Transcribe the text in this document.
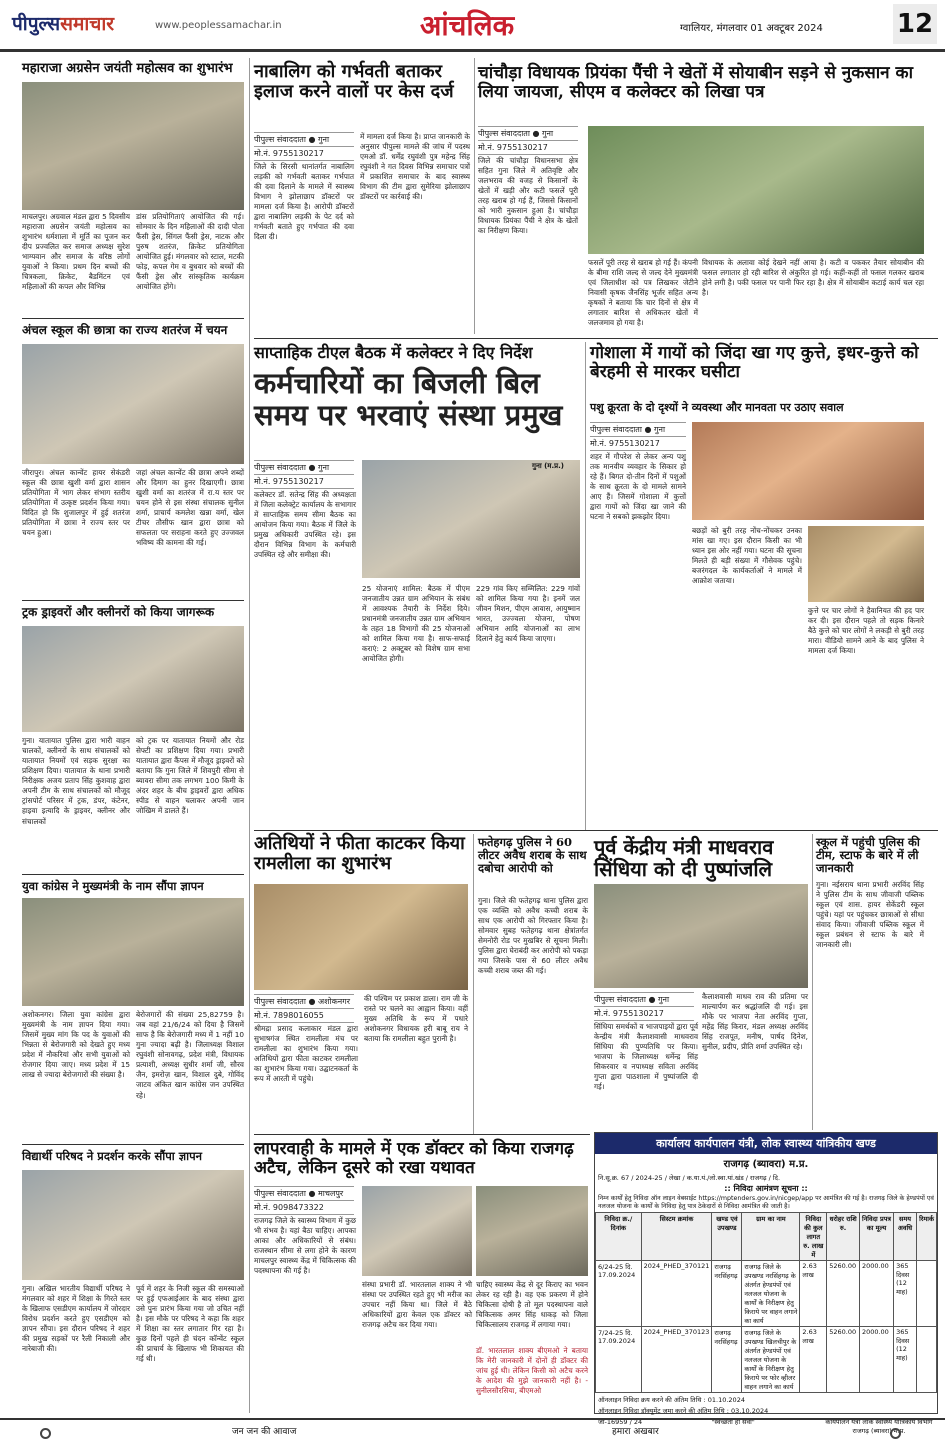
पीपुल्ससमाचार	www.peoplessamachar.in	आंचलिक	ग्वालियर, मंगलवार 01 अक्टूबर 2024	12
महाराजा अग्रसेन जयंती महोत्सव का शुभारंभ
माचलपुर। अग्रवाल मंडल द्वारा 5 दिवसीय महाराजा अग्रसेन जयंती महोत्सव का शुभारंभ धर्मशाला में मूर्ति का पूजन कर दीप प्रज्वलित कर समाज अध्यक्ष सुरेश भाग्यवान और समाज के वरिष्ठ लोगों युवाओं ने किया। प्रथम दिन बच्चों की चित्रकला, क्रिकेट, बैडमिंटन एवं महिलाओं की कपल और विभिन्न
डांस प्रतियोगिताएं आयोजित की गई। सोमवार के दिन महिलाओं की दादी पोता फैंसी ड्रेस, सिंगल फैंसी ड्रेस, नाटक और पुरुष शतरंज, क्रिकेट प्रतियोगिता आयोजित हुई। मंगलवार को स्टाल, मटकी फोड़, कपल गेम व बुधवार को बच्चों की फैंसी ड्रेस और सांस्कृतिक कार्यक्रम आयोजित होंगे।
अंचल स्कूल की छात्रा का राज्य शतरंज में चयन
जीरापुर। अंचल कान्वेंट हायर सेकंडरी स्कूल की छात्रा खुशी वर्मा द्वारा शासन प्रतियोगिता में भाग लेकर संभाग स्तरीय प्रतियोगिता में उत्कृष्ट प्रदर्शन किया गया। विदित हो कि शुजालपुर में हुई शतरंज प्रतियोगिता में छात्रा ने राज्य स्तर पर चयन हुआ।
जहां अंचल कान्वेंट की छात्रा अपने शब्दों और दिमाग का हुनर दिखाएगी। छात्रा खुशी वर्मा का शतरंज में रा.य स्तर पर चयन होने से इस संस्था संचालक सुनील शर्मा, प्राचार्य कमलेश खन्ना वर्मा, खेल टीचर तौसीफ खान द्वारा छात्रा को सफलता पर सराहना करते हुए उज्जवल भविष्य की कामना की गई।
ट्रक ड्राइवरों और क्लीनरों को किया जागरूक
गुना। यातायात पुलिस द्वारा भारी वाहन चालकों, क्लीनरों के साथ संचालकों को यातायात नियमों एवं सड़क सुरक्षा का प्रशिक्षण दिया। यातायात के थाना प्रभारी निरीक्षक अजय प्रताप सिंह कुशवाह द्वारा अपनी टीम के साथ संचालकों को मौजूद ट्रांसपोर्ट परिसर में ट्रक, डंपर, कंटेनर, हाइवा इत्यादि के ड्राइवर, क्लीनर और संचालकों
को ट्रक पर यातायात नियमों और रोड सेफ्टी का प्रशिक्षण दिया गया। प्रभारी यातायात द्वारा कैंपस में मौजूद ड्राइवरों को बताया कि गुना जिले में शिवपुरी सीमा से ब्यावरा सीमा तक लगभग 100 किमी के अंदर शहर के बीच ड्राइवरों द्वारा अधिक स्पीड से वाहन चलाकर अपनी जान जोखिम में डालते हैं।
युवा कांग्रेस ने मुख्यमंत्री के नाम सौंपा ज्ञापन
अशोकनगर। जिला युवा कांग्रेस द्वारा मुख्यमंत्री के नाम ज्ञापन दिया गया। जिसमें मुख्य मांग कि पद के युवाओं की भिन्नता से बेरोजगारी को देखते हुए मध्य प्रदेश में नौकरियां और सभी युवाओं को रोजगार दिया जाए। मध्य प्रदेश में 15 लाख से ज्यादा बेरोजगारों की संख्या है।
बेरोजगारों की संख्या 25,82759 है। जब वहां 21/6/24 को दिया है जिसमें साफ है कि बेरोजगारी मध्य में 1 नहीं 10 गुना ज्यादा बढ़ी है। जिलाध्यक्ष विशाल रघुवंशी सोनावगढ़, प्रदेश मंत्री, विधायक प्रत्याशी, अध्यक्ष सुधीर शर्मा जी, सौरव जैन, इमरोज़ खान, विशाल दुबे, गोविंद जाटव अंकित खान कांग्रेस जन उपस्थित रहे।
विद्यार्थी परिषद ने प्रदर्शन करके सौंपा ज्ञापन
गुना। अखिल भारतीय विद्यार्थी परिषद ने मंगलवार को शहर में शिक्षा के गिरते स्तर के खिलाफ एसडीएम कार्यालय में जोरदार विरोध प्रदर्शन करते हुए एसडीएम को ज्ञापन सौंपा। इस दौरान परिषद ने शहर की प्रमुख सड़कों पर रैली निकाली और नारेबाजी की।
पूर्व में शहर के निजी स्कूल की समस्याओं पर हुई एफआईआर के बाद संस्था द्वारा उसे पुनः प्रारंभ किया गया जो उचित नहीं है। इस मौके पर परिषद ने कहा कि शहर में शिक्षा का स्तर लगातार गिर रहा है। कुछ दिनों पहले ही चंदन कॉन्वेंट स्कूल की प्राचार्य के खिलाफ भी शिकायत की गई थी।
नाबालिग को गर्भवती बताकर इलाज करने वालों पर केस दर्ज
पीपुल्स संवाददाता ● गुना
मो.नं. 9755130217
जिले के सिरसी थानांतर्गत नाबालिग लड़की को गर्भवती बताकर गर्भपात की दवा दिलाने के मामले में स्वास्थ्य विभाग ने झोलाछाप डॉक्टरों पर मामला दर्ज किया है। आरोपी डॉक्टरों द्वारा नाबालिग लड़की के पेट दर्द को गर्भवती बताते हुए गर्भपात की दवा दिला दी।
में मामला दर्ज किया है। प्राप्त जानकारी के अनुसार पीपुल्स मामले की जांच में पदस्थ एमओ डॉ. धर्मेंद्र रघुवंशी पुत्र महेन्द्र सिंह रघुवंशी ने गत दिवस विभिन्न समाचार पत्रों में प्रकाशित समाचार के बाद स्वास्थ्य विभाग की टीम द्वारा सुमेरिया झोलाछाप डॉक्टरों पर कार्रवाई की।
चांचौड़ा विधायक प्रियंका पैंची ने खेतों में सोयाबीन सड़ने से नुकसान का लिया जायजा, सीएम व कलेक्टर को लिखा पत्र
पीपुल्स संवाददाता ● गुना
मो.नं. 9755130217
जिले की चांचौड़ा विधानसभा क्षेत्र सहित गुना जिले में अतिवृष्टि और जलभराव की वजह से किसानों के खेतों में खड़ी और कटी फसलें पूरी तरह खराब हो गई हैं, जिससे किसानों को भारी नुकसान हुआ है। चांचौड़ा विधायक प्रियंका पैंची ने क्षेत्र के खेतों का निरीक्षण किया।
फसलें पूरी तरह से खराब हो गई हैं। कंपनी के बीमा राशि जल्द से जल्द देने मुख्यमंत्री एवं जिलाधीश को पत्र लिखकर जेटीने निवासी कृषक जैनसिंह भूर्जर सहित अन्य कृषकों ने बताया कि चार दिनों से क्षेत्र में लगातार बारिश से अधिकतर खेतों में जलजमाव हो गया है।
विधायक के अलावा कोई देखने नहीं आया है। कटी व पककर तैयार सोयाबीन की फसल लगातार हो रही बारिश से अंकुरित हो गई। कहीं-कहीं तो फसल गलकर खराब होने लगी है। पकी फसल पर पानी फिर रहा है। क्षेत्र में सोयाबीन कटाई कार्य चल रहा है।
साप्ताहिक टीएल बैठक में कलेक्टर ने दिए निर्देश
कर्मचारियों का बिजली बिल समय पर भरवाएं संस्था प्रमुख
पीपुल्स संवाददाता ● गुना
मो.नं. 9755130217
गुना (म.प्र.)
कलेक्टर डॉ. सतेन्द्र सिंह की अध्यक्षता में जिला कलेक्ट्रेट कार्यालय के सभागार में साप्ताहिक समय सीमा बैठक का आयोजन किया गया। बैठक में जिले के प्रमुख अधिकारी उपस्थित रहे। इस दौरान विभिन्न विभाग के कर्मचारी उपस्थित रहे और समीक्षा की।
25 योजनाएं शामिल: बैठक में पीएम जनजातीय उन्नत ग्राम अभियान के संबंध में आवश्यक तैयारी के निर्देश दिये। प्रधानमंत्री जनजातीय उन्नत ग्राम अभियान के तहत 18 विभागों की 25 योजनाओं को शामिल किया गया है। साफ-सफाई कराएं: 2 अक्टूबर को विशेष ग्राम सभा आयोजित होगी।
229 गांव किए सम्मिलित: 229 गांवों को शामिल किया गया है। इनमें जल जीवन मिशन, पीएम आवास, आयुष्मान भारत, उज्ज्वला योजना, पोषण अभियान आदि योजनाओं का लाभ दिलाने हेतु कार्य किया जाएगा।
गोशाला में गायों को जिंदा खा गए कुत्ते, इधर-कुत्ते को बेरहमी से मारकर घसीटा
पशु क्रूरता के दो दृश्यों ने व्यवस्था और मानवता पर उठाए सवाल
पीपुल्स संवाददाता ● गुना
मो.नं. 9755130217
शहर में गौपरेश से लेकर अन्य पशु तक मानवीय व्यवहार के सिकार हो रहे हैं। बिगत दो-तीन दिनों में पशुओं के साथ क्रूरता के दो मामले सामने आए हैं। जिसमें गोशाला में कुत्तों द्वारा गायों को जिंदा खा जाने की घटना ने सबको झकझोर दिया।
बछड़ों को बुरी तरह नोंच-नोंचकर उनका मांस खा गए। इस दौरान किसी का भी ध्यान इस ओर नहीं गया। घटना की सूचना मिलते ही बड़ी संख्या में गौसेवक पहुंचे। बजरंगदल के कार्यकर्ताओं ने मामले में आक्रोश जताया।
कुत्ते पर चार लोगों ने हैवानियत की हद पार कर दी। इस दौरान पहले तो सड़क किनारे बैठे कुत्ते को चार लोगों ने लकड़ी से बुरी तरह मारा। वीडियो सामने आने के बाद पुलिस ने मामला दर्ज किया।
अतिथियों ने फीता काटकर किया रामलीला का शुभारंभ
पीपुल्स संवाददाता ● अशोकनगर
मो.नं. 7898016055
श्रीमद्रा प्रसाद कलाकार मंडल द्वारा सुभाषगंज स्थित रामलीला मंच पर रामलीला का शुभारंभ किया गया। अतिथियों द्वारा फीता काटकर रामलीला का शुभारंभ किया गया। उद्घाटनकर्ता के रूप में आरती में पहुंचे।
की पश्चिम पर प्रकाश डाला। राम जी के रास्ते पर चलने का आह्वान किया। वहीं मुख्य अतिथि के रूप में पधारे अशोकनगर विधायक हरी बाबू राय ने बताया कि रामलीला बहुत पुरानी है।
फतेहगढ़ पुलिस ने 60 लीटर अवैध शराब के साथ दबोचा आरोपी को
गुना। जिले की फतेहगढ़ थाना पुलिस द्वारा एक व्यक्ति को अवैध कच्ची शराब के साथ एक आरोपी को गिरफ्तार किया है। सोमवार सुबह फतेहगढ़ थाना क्षेत्रांतर्गत सेमनोरी रोड पर मुखबिर से सूचना मिली। पुलिस द्वारा घेराबंदी कर आरोपी को पकड़ा गया जिसके पास से 60 लीटर अवैध कच्ची शराब जब्त की गई।
पूर्व केंद्रीय मंत्री माधवराव सिंधिया को दी पुष्पांजलि
पीपुल्स संवाददाता ● गुना
मो.नं. 9755130217
सिंधिया समर्थकों व भाजपाइयों द्वारा पूर्व केन्द्रीय मंत्री कैलाशवासी माधवराव सिंधिया की पुण्यतिथि पर किया। भाजपा के जिलाध्यक्ष धर्मेन्द्र सिंह सिकरवार व नपाध्यक्ष सविता अरविंद गुप्ता द्वारा पाठशाला में पुष्पांजलि दी गई।
कैलाशवासी माधव राव की प्रतिमा पर माल्यार्पण कर श्रद्धांजलि दी गई। इस मौके पर भाजपा नेता अरविंद गुप्ता, महेंद्र सिंह किरार, मंडल अध्यक्ष अरविंद सिंह राजपूत, मनीष, पार्षद दिनेश, सुनील, प्रदीप, प्रीति शर्मा उपस्थित रहे।
स्कूल में पहुंची पुलिस की टीम, स्टाफ के बारे में ली जानकारी
गुना। नईसराय थाना प्रभारी अरविंद सिंह ने पुलिस टीम के साथ जीवाजी पब्लिक स्कूल एवं शास. हायर सेकेंडरी स्कूल पहुंचे। यहां पर पहुंचकर छात्राओं से सीधा संवाद किया। जीवाजी पब्लिक स्कूल में स्कूल प्रबंधन से स्टाफ के बारे में जानकारी ली।
लापरवाही के मामले में एक डॉक्टर को किया राजगढ़ अटैच, लेकिन दूसरे को रखा यथावत
पीपुल्स संवाददाता ● माचलपुर
मो.नं. 9098473322
राजगढ़ जिले के स्वास्थ्य विभाग में कुछ भी संभव है। यहां बैठा चाहिए। आपका आका और अधिकारियों से संबंध। राजस्थान सीमा से लगा होने के कारण माचलपुर स्वास्थ्य केंद्र में चिकित्सक की पदस्थापना की गई है।
संस्था प्रभारी डॉ. भारतलाल शाक्य ने भी संस्था पर उपस्थित रहते हुए भी मरीज का उपचार नहीं किया था। जिले में बैठे अधिकारियों द्वारा केवल एक डॉक्टर को राजगढ़ अटैच कर दिया गया।
चाहिए स्वास्थ्य केंद्र से दूर किराए का भवन लेकर रह रही है। वह एक प्रकरण में होने चिकित्सा दोषी है तो मूल पदस्थापना वाले चिकित्सक अमर सिंह धाकड़ को जिला चिकित्सालय राजगढ़ में लगाया गया।
डॉ. भारतलाल शाक्य बीएमओ ने बताया कि मेरी जानकारी में दोनों ही डॉक्टर की जांच हुई थी। लेकिन किसी को अटैच करने के आदेश की मुझे जानकारी नहीं है। - सुनीलसौरसिया, बीएमओ
कार्यालय कार्यपालन यंत्री, लोक स्वास्थ्य यांत्रिकीय खण्ड
राजगढ़ (ब्यावरा) म.प्र.
नि.सू.क्र. 67 / 2024-25 / लेखा / क.या.यं./लो.स्वा.यां.खंड / राजगढ़ / दि.
:: निविदा आमंत्रण सूचना ::
निम्न कार्यों हेतु निविदा ऑन लाइन वेबसाईट https://mptenders.gov.in/nicgep/app पर आमंत्रित की गई है। राजगढ़ जिले के हेण्डपंपों एवं नलजल योजना के कार्यों के निविदा हेतु पात्र ठेकेदारों से निविदा आमंत्रित की जाती है।
निविदा क्र./ दिनांक	सिस्टम क्रमांक	खण्ड एवं उपखण्ड	ग्राम का नाम	निविदा की कुल लागत रु. लाख में	धरोहर राशि रु.	निविदा प्रपत्र का मूल्य	समय अवधि	रिमार्क
6/24-25 दि. 17.09.2024	2024_PHED_370121	राजगढ़ नरसिंहगढ़	राजगढ़ जिले के उपखण्ड नरसिंहगढ़ के अंतर्गत हेण्डपंपों एवं नलजल योजना के कार्यों के निरीक्षण हेतु किराये पर वाहन लगाने का कार्य	2.63 लाख	5260.00	2000.00	365 दिवस (12 माह)	
7/24-25 दि. 17.09.2024	2024_PHED_370123	राजगढ़ नरसिंहगढ़	राजगढ़ जिले के उपखण्ड खिलचीपुर के अंतर्गत हेण्डपंपों एवं नलजल योजना के कार्यों के निरीक्षण हेतु किराये पर फोर व्हीलर वाहन लगाने का कार्य	2.63 लाख	5260.00	2000.00	365 दिवस (12 माह)	
ऑनलाइन निविदा क्रय करने की अंतिम तिथि : 01.10.2024
ऑनलाइन निविदा डॉक्यूमेंट जमा करने की अंतिम तिथि : 03.10.2024
जी-16959 / 24	"स्वच्छता ही सेवा"	कार्यपालन यंत्री लोक स्वास्थ्य यांत्रिकीय विभाग राजगढ़ (ब्यावरा) म.प्र.
जन जन की आवाज	हमारा अखबार
